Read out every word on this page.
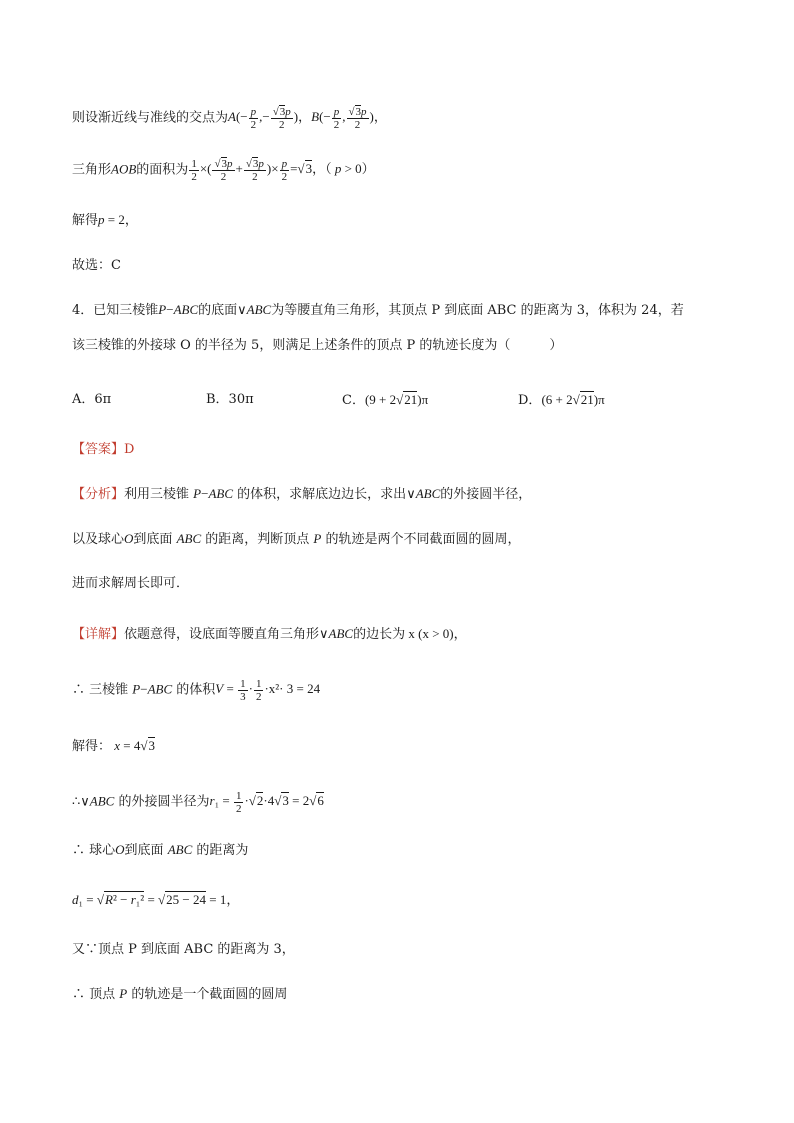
则设渐近线与准线的交点为$A(- \frac{p}{2}$ ,− $\frac{√3p}{2}$ )，$B(- \frac{p}{2}$ , $\frac{√3p}{2}$ )，
三角形AOB的面积为 $\frac{1}{2}$ ×( $\frac{√3p}{2} + \frac{√3p}{2}$ )× $\frac{p}{2} =√3$，（ p > 0）
解得p = 2，
故选：C
4．已知三棱锥P−ABC的底面∨ABC为等腰直角三角形，其顶点 P 到底面 ABC 的距离为 3，体积为 24，若
该三棱锥的外接球 O 的半径为 5，则满足上述条件的顶点 P 的轨迹长度为（　　　）
A．6π	B．30π	C．(9 + 2√21)π	D．(6 + 2√21)π
【答案】D
【分析】利用三棱锥 P−ABC 的体积，求解底边边长，求出∨ABC的外接圆半径，
以及球心O到底面 ABC 的距离，判断顶点 P 的轨迹是两个不同截面圆的圆周，
进而求解周长即可．
【详解】依题意得，设底面等腰直角三角形∨ABC的边长为 x (x > 0)，
∴ 三棱锥 P−ABC 的体积$V = \frac{1}{3} \cdot \frac{1}{2} \cdot x^2\cdot 3 = 24$
解得： x = 4√3
∴∨ABC 的外接圆半径为$r_1 = \frac{1}{2} \cdot√2\cdot 4√3 = 2√6$
∴ 球心O到底面 ABC 的距离为
d₁ = √R² − r₁² = √25 − 24 = 1，
又∵顶点 P 到底面 ABC 的距离为 3，
∴ 顶点 P 的轨迹是一个截面圆的圆周
